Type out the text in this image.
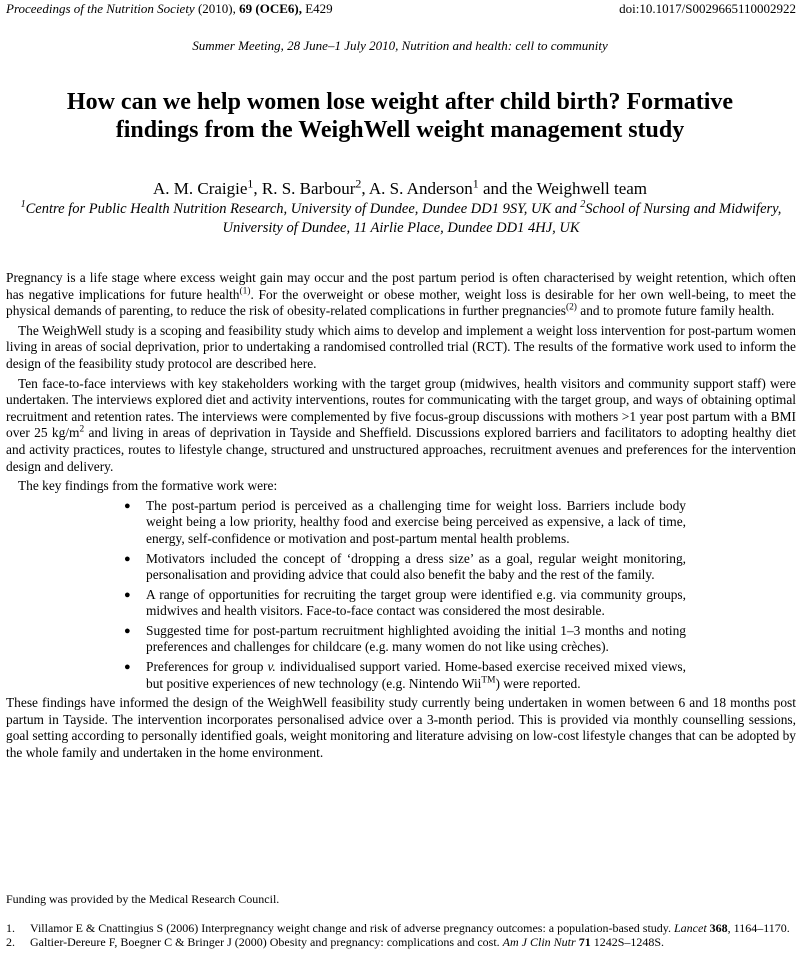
Proceedings of the Nutrition Society (2010), 69 (OCE6), E429	doi:10.1017/S0029665110002922
Summer Meeting, 28 June–1 July 2010, Nutrition and health: cell to community
How can we help women lose weight after child birth? Formative
findings from the WeighWell weight management study
A. M. Craigie$^1$, R. S. Barbour$^2$, A. S. Anderson$^1$ and the Weighwell team
$^1$Centre for Public Health Nutrition Research, University of Dundee, Dundee DD1 9SY, UK and $^2$School of Nursing and Midwifery, University of Dundee, 11 Airlie Place, Dundee DD1 4HJ, UK

Pregnancy is a life stage where excess weight gain may occur and the post partum period is often characterised by weight retention, which often has negative implications for future health$^{(1)}$. For the overweight or obese mother, weight loss is desirable for her own well-being, to meet the physical demands of parenting, to reduce the risk of obesity-related complications in further pregnancies$^{(2)}$ and to promote future family health.

The WeighWell study is a scoping and feasibility study which aims to develop and implement a weight loss intervention for post-partum women living in areas of social deprivation, prior to undertaking a randomised controlled trial (RCT). The results of the formative work used to inform the design of the feasibility study protocol are described here.

Ten face-to-face interviews with key stakeholders working with the target group (midwives, health visitors and community support staff) were undertaken. The interviews explored diet and activity interventions, routes for communicating with the target group, and ways of obtaining optimal recruitment and retention rates. The interviews were complemented by five focus-group discussions with mothers >1 year post partum with a BMI over 25 $kg/m^2$ and living in areas of deprivation in Tayside and Sheffield. Discussions explored barriers and facilitators to adopting healthy diet and activity practices, routes to lifestyle change, structured and unstructured approaches, recruitment avenues and preferences for the intervention design and delivery.

The key findings from the formative work were:

● The post-partum period is perceived as a challenging time for weight loss. Barriers include body weight being a low priority, healthy food and exercise being perceived as expensive, a lack of time, energy, self-confidence or motivation and post-partum mental health problems.
● Motivators included the concept of ‘dropping a dress size’ as a goal, regular weight monitoring, personalisation and providing advice that could also benefit the baby and the rest of the family.
● A range of opportunities for recruiting the target group were identified e.g. via community groups, midwives and health visitors. Face-to-face contact was considered the most desirable.
● Suggested time for post-partum recruitment highlighted avoiding the initial 1–3 months and noting preferences and challenges for childcare (e.g. many women do not like using crèches).
● Preferences for group v. individualised support varied. Home-based exercise received mixed views, but positive experiences of new technology (e.g. Nintendo Wii™) were reported.

These findings have informed the design of the WeighWell feasibility study currently being undertaken in women between 6 and 18 months post partum in Tayside. The intervention incorporates personalised advice over a 3-month period. This is provided via monthly counselling sessions, goal setting according to personally identified goals, weight monitoring and literature advising on low-cost lifestyle changes that can be adopted by the whole family and undertaken in the home environment.

Funding was provided by the Medical Research Council.
1. Villamor E & Cnattingius S (2006) Interpregnancy weight change and risk of adverse pregnancy outcomes: a population-based study. Lancet 368, 1164–1170.
2. Galtier-Dereure F, Boegner C & Bringer J (2000) Obesity and pregnancy: complications and cost. Am J Clin Nutr 71 1242S–1248S.
